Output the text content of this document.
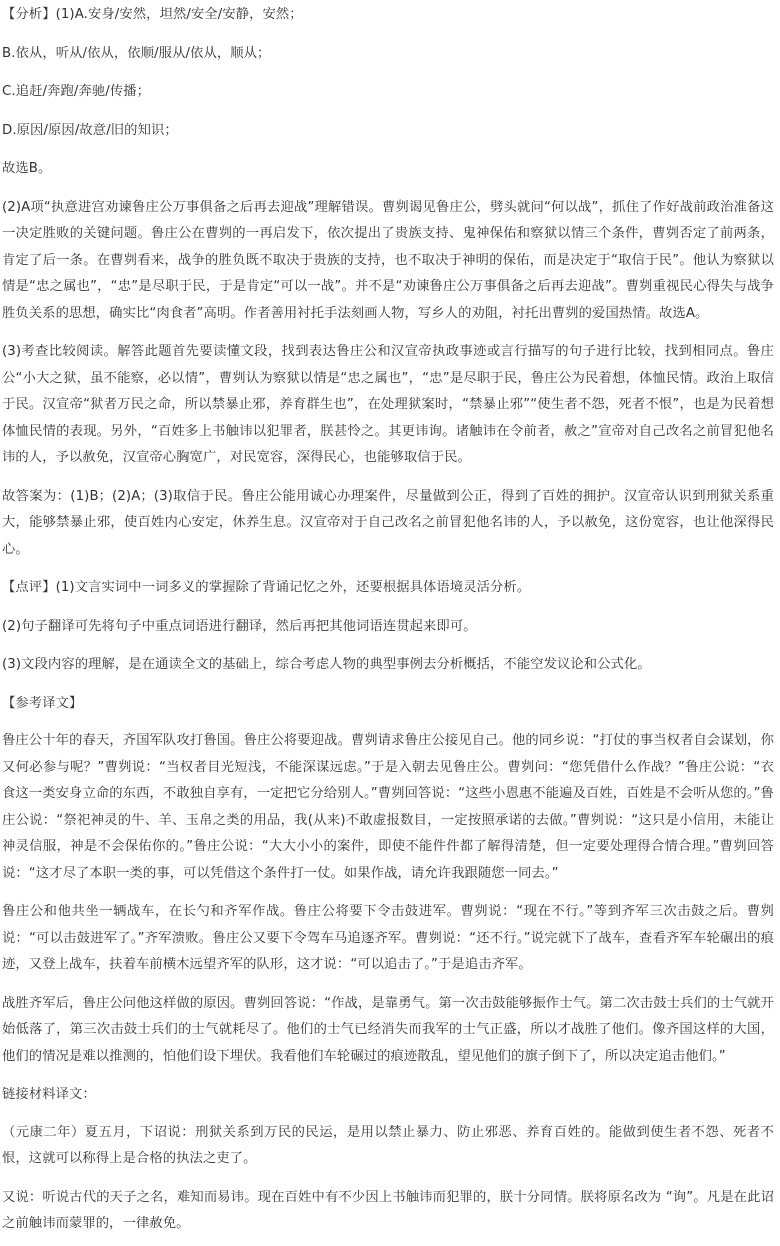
【分析】(1)A.安身/安然，坦然/安全/安静，安然；

B.依从，听从/依从，依顺/服从/依从，顺从；

C.追赶/奔跑/奔驰/传播；

D.原因/原因/故意/旧的知识；

故选B。

(2)A项“执意进宫劝谏鲁庄公万事俱备之后再去迎战”理解错误。曹刿谒见鲁庄公，劈头就问“何以战”，抓住了作好战前政治准备这一决定胜败的关键问题。鲁庄公在曹刿的一再启发下，依次提出了贵族支持、鬼神保佑和察狱以情三个条件，曹刿否定了前两条，肯定了后一条。在曹刿看来，战争的胜负既不取决于贵族的支持，也不取决于神明的保佑，而是决定于“取信于民”。他认为察狱以情是“忠之属也”，“忠”是尽职于民，于是肯定“可以一战”。并不是“劝谏鲁庄公万事俱备之后再去迎战”。曹刿重视民心得失与战争胜负关系的思想，确实比“肉食者”高明。作者善用衬托手法刻画人物，写乡人的劝阻，衬托出曹刿的爱国热情。故选A。

(3)考查比较阅读。解答此题首先要读懂文段，找到表达鲁庄公和汉宣帝执政事迹或言行描写的句子进行比较，找到相同点。鲁庄公“小大之狱，虽不能察，必以情”，曹刿认为察狱以情是“忠之属也”，“忠”是尽职于民，鲁庄公为民着想，体恤民情。政治上取信于民。汉宣帝“狱者万民之命，所以禁暴止邪，养育群生也”，在处理狱案时，“禁暴止邪”“使生者不怨，死者不恨”，也是为民着想体恤民情的表现。另外，“百姓多上书触讳以犯罪者，朕甚怜之。其更讳询。诸触讳在令前者，赦之”宣帝对自己改名之前冒犯他名讳的人，予以赦免，汉宣帝心胸宽广，对民宽容，深得民心，也能够取信于民。

故答案为：(1)B；(2)A；(3)取信于民。鲁庄公能用诚心办理案件，尽量做到公正，得到了百姓的拥护。汉宣帝认识到刑狱关系重大，能够禁暴止邪，使百姓内心安定，休养生息。汉宣帝对于自己改名之前冒犯他名讳的人，予以赦免，这份宽容，也让他深得民心。

【点评】(1)文言实词中一词多义的掌握除了背诵记忆之外，还要根据具体语境灵活分析。

(2)句子翻译可先将句子中重点词语进行翻译，然后再把其他词语连贯起来即可。

(3)文段内容的理解，是在通读全文的基础上，综合考虑人物的典型事例去分析概括，不能空发议论和公式化。

【参考译文】

鲁庄公十年的春天，齐国军队攻打鲁国。鲁庄公将要迎战。曹刿请求鲁庄公接见自己。他的同乡说：“打仗的事当权者自会谋划，你又何必参与呢？”曹刿说：“当权者目光短浅，不能深谋远虑。”于是入朝去见鲁庄公。曹刿问：“您凭借什么作战？”鲁庄公说：“衣食这一类安身立命的东西，不敢独自享有，一定把它分给别人。”曹刿回答说：“这些小恩惠不能遍及百姓，百姓是不会听从您的。”鲁庄公说：“祭祀神灵的牛、羊、玉帛之类的用品，我(从来)不敢虚报数目，一定按照承诺的去做。”曹刿说：“这只是小信用，未能让神灵信服，神是不会保佑你的。”鲁庄公说：“大大小小的案件，即使不能件件都了解得清楚，但一定要处理得合情合理。”曹刿回答说：“这才尽了本职一类的事，可以凭借这个条件打一仗。如果作战，请允许我跟随您一同去。”

鲁庄公和他共坐一辆战车，在长勺和齐军作战。鲁庄公将要下令击鼓进军。曹刿说：“现在不行。”等到齐军三次击鼓之后。曹刿说：“可以击鼓进军了。”齐军溃败。鲁庄公又要下令驾车马追逐齐军。曹刿说：“还不行。”说完就下了战车，查看齐军车轮碾出的痕迹，又登上战车，扶着车前横木远望齐军的队形，这才说：“可以追击了。”于是追击齐军。

战胜齐军后，鲁庄公问他这样做的原因。曹刿回答说：“作战，是靠勇气。第一次击鼓能够振作士气。第二次击鼓士兵们的士气就开始低落了，第三次击鼓士兵们的士气就耗尽了。他们的士气已经消失而我军的士气正盛，所以才战胜了他们。像齐国这样的大国，他们的情况是难以推测的，怕他们设下埋伏。我看他们车轮碾过的痕迹散乱，望见他们的旗子倒下了，所以决定追击他们。”

链接材料译文：

（元康二年）夏五月，下诏说：刑狱关系到万民的民运，是用以禁止暴力、防止邪恶、养育百姓的。能做到使生者不怨、死者不恨，这就可以称得上是合格的执法之吏了。

又说：听说古代的天子之名，难知而易讳。现在百姓中有不少因上书触讳而犯罪的，朕十分同情。朕将原名改为 “询”。凡是在此诏之前触讳而蒙罪的，一律赦免。
